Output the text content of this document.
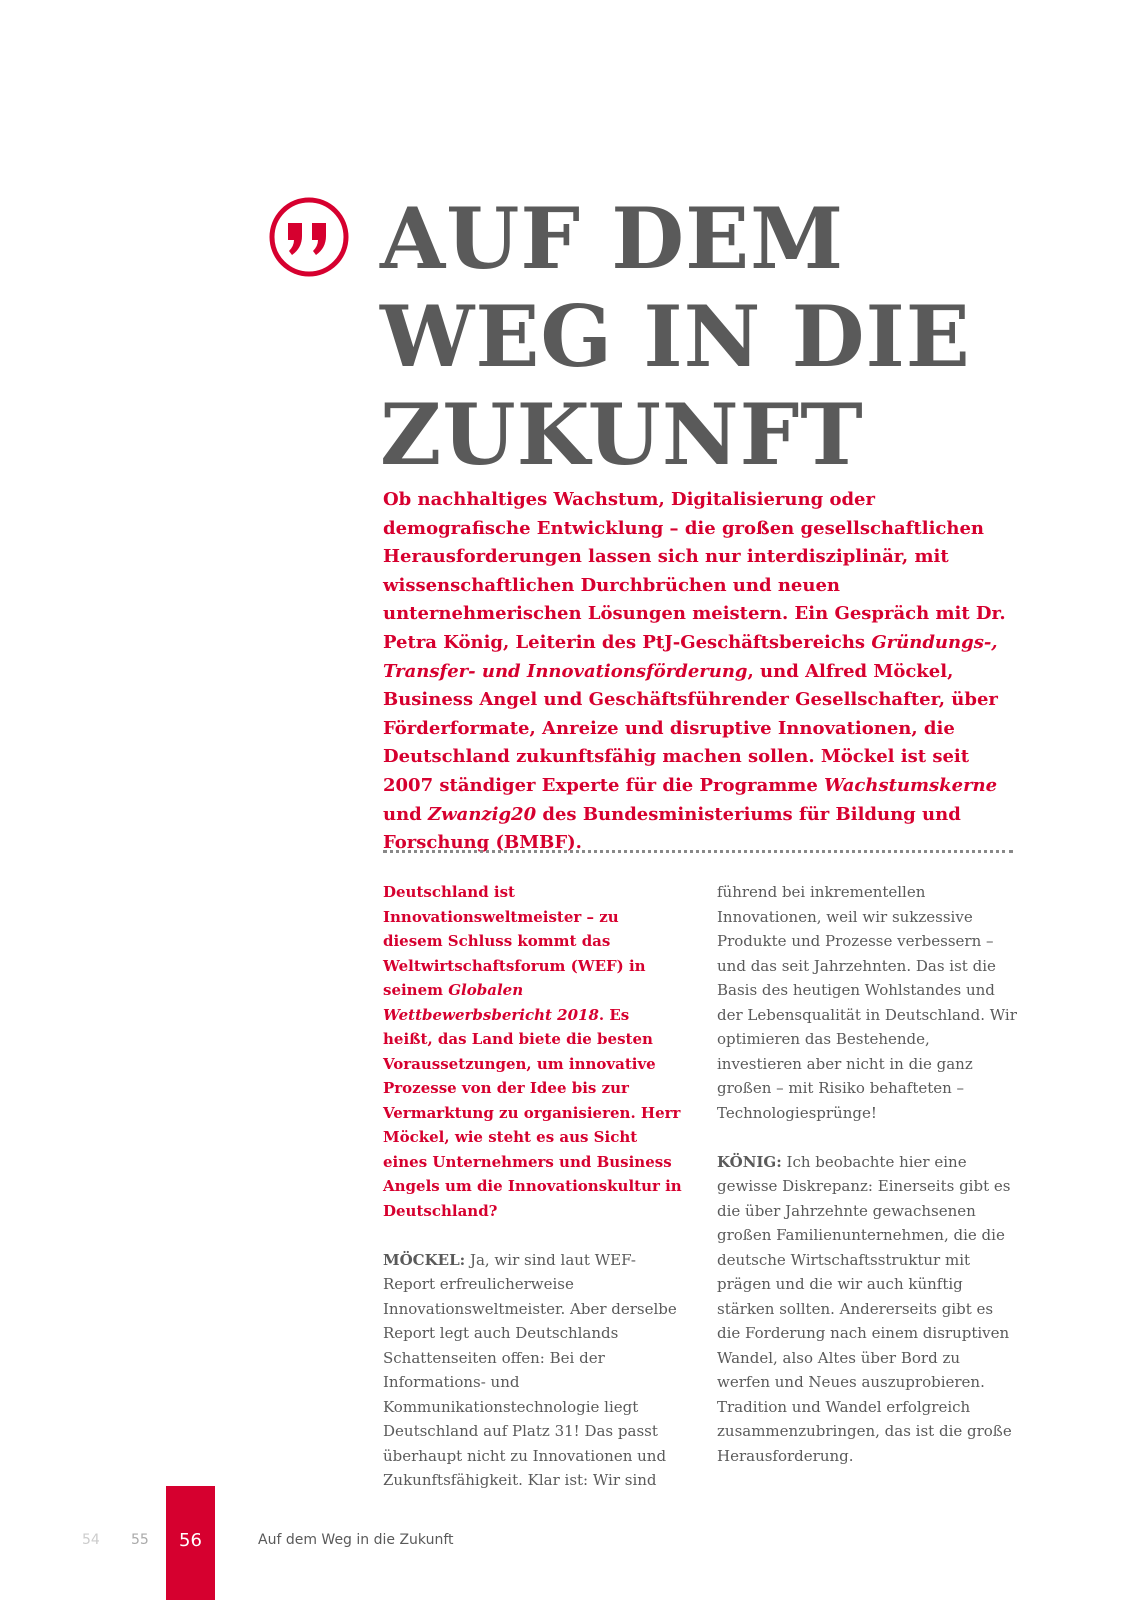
AUF DEM
WEG IN DIE
ZUKUNFT
Ob nachhaltiges Wachstum, Digitalisierung oder demografische Entwicklung – die großen gesellschaftlichen Herausforderungen lassen sich nur interdisziplinär, mit wissenschaftlichen Durchbrüchen und neuen unternehmerischen Lösungen meistern. Ein Gespräch mit Dr. Petra König, Leiterin des PtJ-Geschäftsbereichs Gründungs-, Transfer- und Innovationsförderung, und Alfred Möckel, Business Angel und Geschäftsführender Gesellschafter, über Förderformate, Anreize und disruptive Innovationen, die Deutschland zukunftsfähig machen sollen. Möckel ist seit 2007 ständiger Experte für die Programme Wachstumskerne und Zwanzig20 des Bundesministeriums für Bildung und Forschung (BMBF).

Deutschland ist Innovationsweltmeister – zu diesem Schluss kommt das Weltwirtschaftsforum (WEF) in seinem Globalen Wettbewerbsbericht 2018. Es heißt, das Land biete die besten Voraussetzungen, um innovative Prozesse von der Idee bis zur Vermarktung zu organisieren. Herr Möckel, wie steht es aus Sicht eines Unternehmers und Business Angels um die Innovationskultur in Deutschland?

MÖCKEL: Ja, wir sind laut WEF-Report erfreulicherweise Innovationsweltmeister. Aber derselbe Report legt auch Deutschlands Schattenseiten offen: Bei der Informations- und Kommunikationstechnologie liegt Deutschland auf Platz 31! Das passt überhaupt nicht zu Innovationen und Zukunftsfähigkeit. Klar ist: Wir sind

führend bei inkrementellen Innovationen, weil wir sukzessive Produkte und Prozesse verbessern – und das seit Jahrzehnten. Das ist die Basis des heutigen Wohlstandes und der Lebensqualität in Deutschland. Wir optimieren das Bestehende, investieren aber nicht in die ganz großen – mit Risiko behafteten – Technologiesprünge!

KÖNIG: Ich beobachte hier eine gewisse Diskrepanz: Einerseits gibt es die über Jahrzehnte gewachsenen großen Familienunternehmen, die die deutsche Wirtschaftsstruktur mit prägen und die wir auch künftig stärken sollten. Andererseits gibt es die Forderung nach einem disruptiven Wandel, also Altes über Bord zu werfen und Neues auszuprobieren. Tradition und Wandel erfolgreich zusammenzubringen, das ist die große Herausforderung.

54 55	56	Auf dem Weg in die Zukunft
